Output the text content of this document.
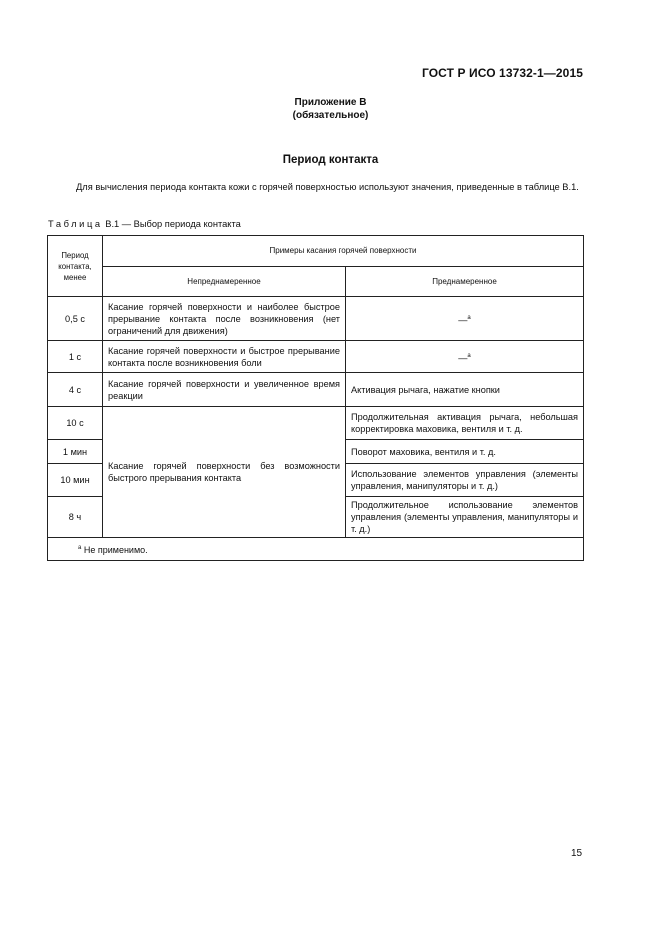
ГОСТ Р ИСО 13732-1—2015
Приложение В
(обязательное)
Период контакта
Для вычисления периода контакта кожи с горячей поверхностью используют значения, приведенные в таблице В.1.
Таблица В.1 — Выбор периода контакта
Период контакта, менее	Примеры касания горячей поверхности	
	Непреднамеренное	Преднамеренное
0,5 с	Касание горячей поверхности и наиболее быстрое прерывание контакта после возникновения (нет ограничений для движения)	—$^a$
1 с	Касание горячей поверхности и быстрое прерывание контакта после возникновения боли	—$^a$
4 с	Касание горячей поверхности и увеличенное время реакции	Активация рычага, нажатие кнопки
10 с	Касание горячей поверхности без возможности быстрого прерывания контакта	Продолжительная активация рычага, небольшая корректировка маховика, вентиля и т. д.
1 мин		Поворот маховика, вентиля и т. д.
10 мин		Использование элементов управления (элементы управления, манипуляторы и т. д.)
8 ч		Продолжительное использование элементов управления (элементы управления, манипуляторы и т. д.)
$^a$ Не применимо.		
15
